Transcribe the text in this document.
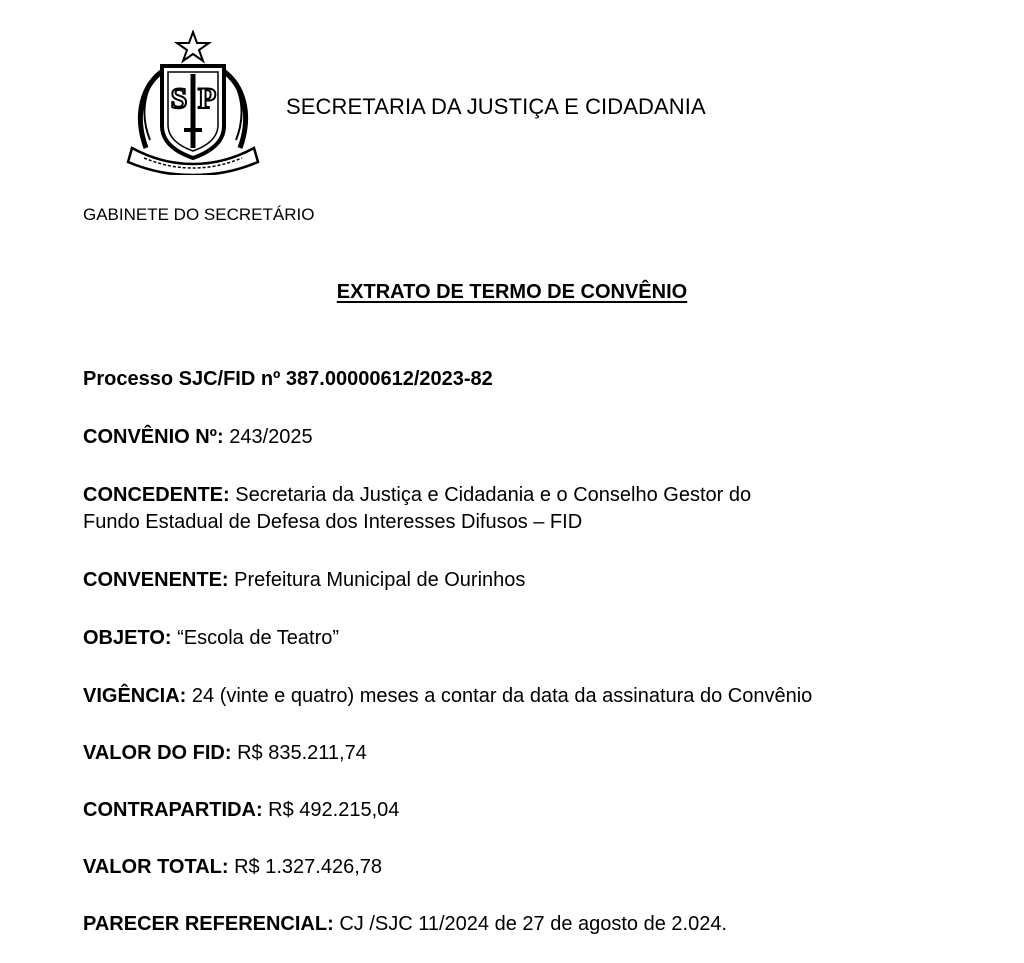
S P	SECRETARIA DA JUSTIÇA E CIDADANIA
GABINETE DO SECRETÁRIO
EXTRATO DE TERMO DE CONVÊNIO
Processo SJC/FID nº 387.00000612/2023-82
CONVÊNIO Nº: 243/2025
CONCEDENTE: Secretaria da Justiça e Cidadania e o Conselho Gestor do
Fundo Estadual de Defesa dos Interesses Difusos – FID
CONVENENTE: Prefeitura Municipal de Ourinhos
OBJETO: “Escola de Teatro”
VIGÊNCIA: 24 (vinte e quatro) meses a contar da data da assinatura do Convênio
VALOR DO FID: R$ 835.211,74
CONTRAPARTIDA: R$ 492.215,04
VALOR TOTAL: R$ 1.327.426,78
PARECER REFERENCIAL: CJ /SJC 11/2024 de 27 de agosto de 2.024.
